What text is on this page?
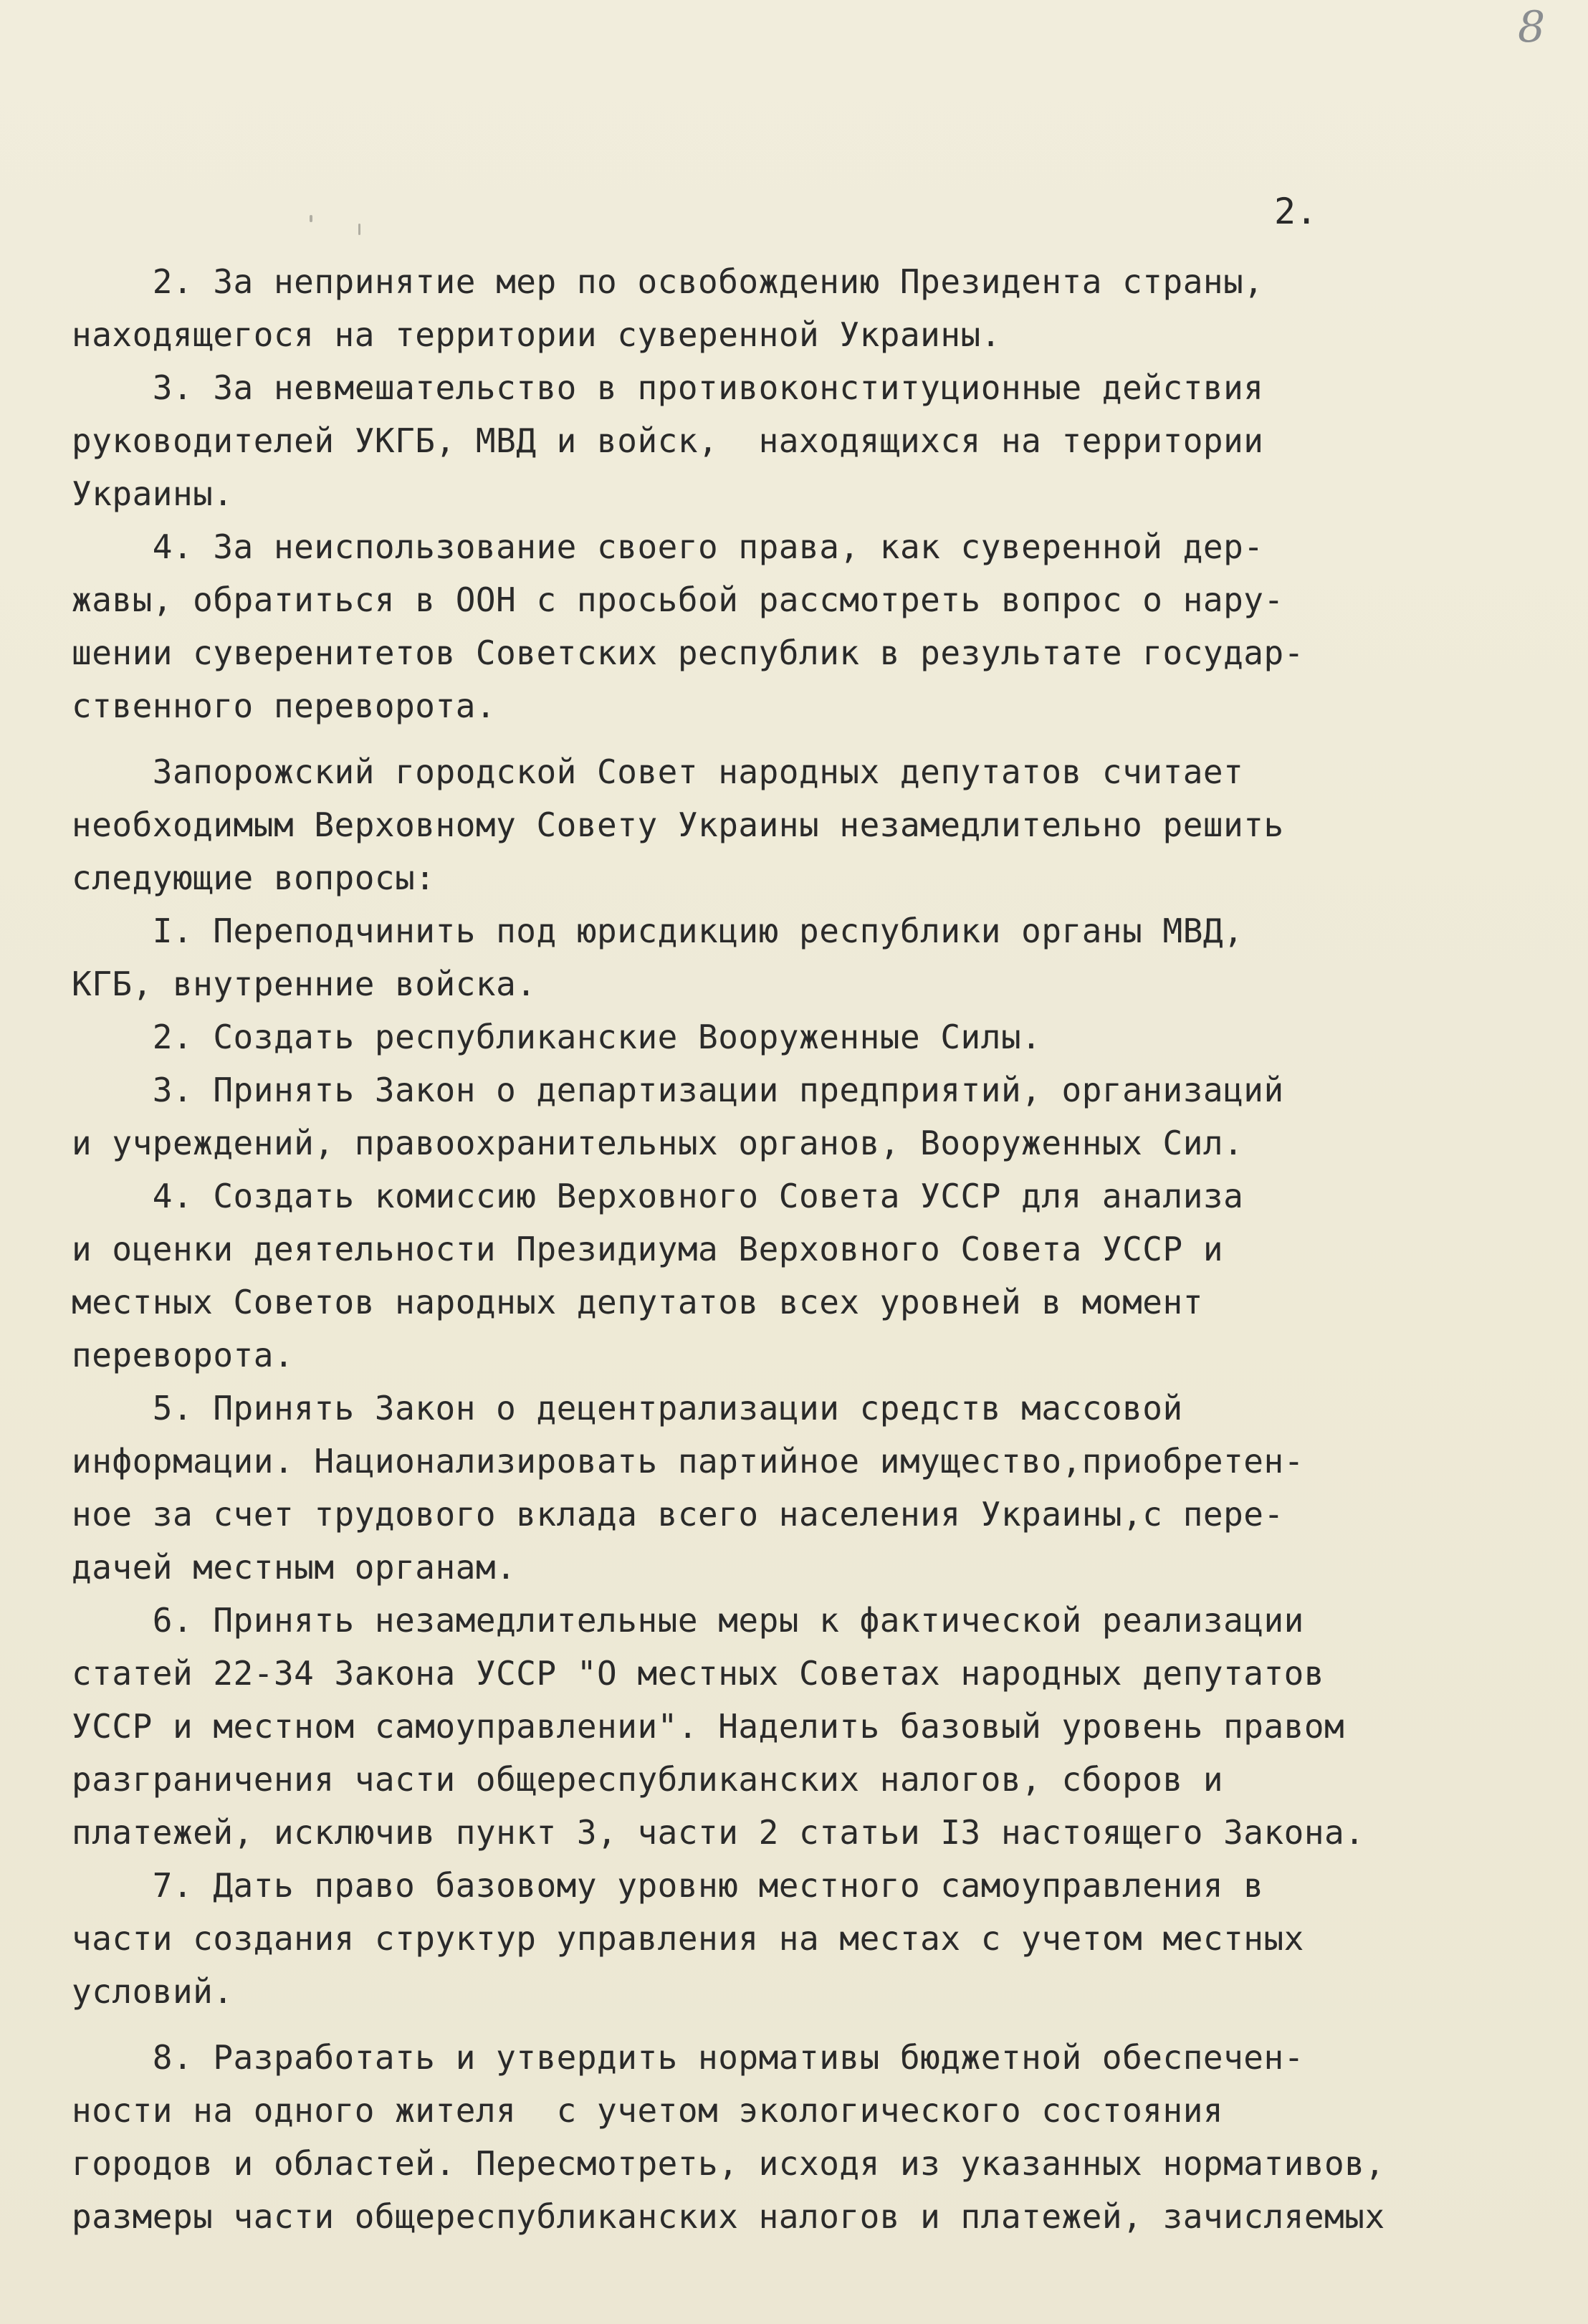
8
2.
2. За непринятие мер по освобождению Президента страны,
находящегося на территории суверенной Украины.
3. За невмешательство в противоконституционные действия
руководителей УКГБ, МВД и войск,  находящихся на территории
Украины.
4. За неиспользование своего права, как суверенной дер-
жавы, обратиться в ООН с просьбой рассмотреть вопрос о нару-
шении суверенитетов Советских республик в результате государ-
ственного переворота.
Запорожский городской Совет народных депутатов считает
необходимым Верховному Совету Украины незамедлительно решить
следующие вопросы:
I. Переподчинить под юрисдикцию республики органы МВД,
КГБ, внутренние войска.
2. Создать республиканские Вооруженные Силы.
3. Принять Закон о департизации предприятий, организаций
и учреждений, правоохранительных органов, Вооруженных Сил.
4. Создать комиссию Верховного Совета УССР для анализа
и оценки деятельности Президиума Верховного Совета УССР и
местных Советов народных депутатов всех уровней в момент
переворота.
5. Принять Закон о децентрализации средств массовой
информации. Национализировать партийное имущество,приобретен-
ное за счет трудового вклада всего населения Украины,с пере-
дачей местным органам.
6. Принять незамедлительные меры к фактической реализации
статей 22-34 Закона УССР "О местных Советах народных депутатов
УССР и местном самоуправлении". Наделить базовый уровень правом
разграничения части общереспубликанских налогов, сборов и
платежей, исключив пункт 3, части 2 статьи I3 настоящего Закона.
7. Дать право базовому уровню местного самоуправления в
части создания структур управления на местах с учетом местных
условий.
8. Разработать и утвердить нормативы бюджетной обеспечен-
ности на одного жителя  с учетом экологического состояния
городов и областей. Пересмотреть, исходя из указанных нормативов,
размеры части общереспубликанских налогов и платежей, зачисляемых
